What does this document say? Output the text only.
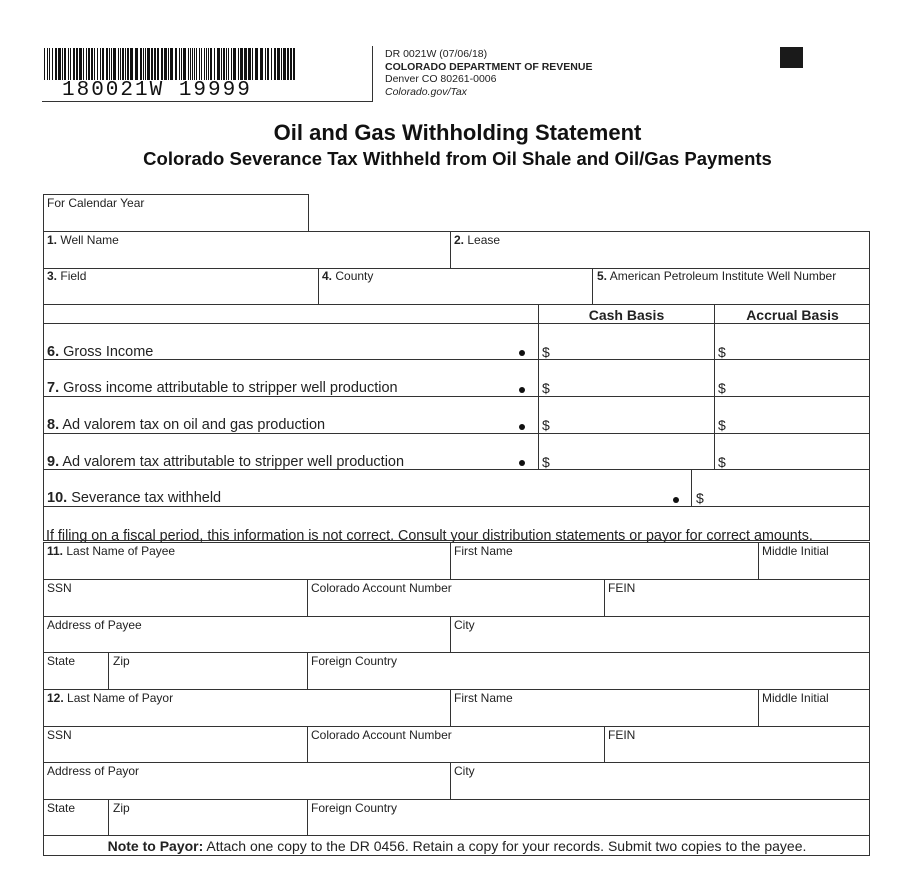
180021W 19999
DR 0021W (07/06/18)
COLORADO DEPARTMENT OF REVENUE
Denver CO 80261-0006
Colorado.gov/Tax
Oil and Gas Withholding Statement
Colorado Severance Tax Withheld from Oil Shale and Oil/Gas Payments
For Calendar Year
1. Well Name	2. Lease
3. Field	4. County	5. American Petroleum Institute Well Number
Cash Basis	Accrual Basis
6. Gross Income	$	$
7. Gross income attributable to stripper well production	$	$
8. Ad valorem tax on oil and gas production	$	$
9. Ad valorem tax attributable to stripper well production	$	$
10. Severance tax withheld	$
If filing on a fiscal period, this information is not correct. Consult your distribution statements or payor for correct amounts.
11. Last Name of Payee	First Name	Middle Initial
SSN	Colorado Account Number	FEIN
Address of Payee	City
State	Zip	Foreign Country
12. Last Name of Payor	First Name	Middle Initial
SSN	Colorado Account Number	FEIN
Address of Payor	City
State	Zip	Foreign Country
Note to Payor: Attach one copy to the DR 0456. Retain a copy for your records. Submit two copies to the payee.
